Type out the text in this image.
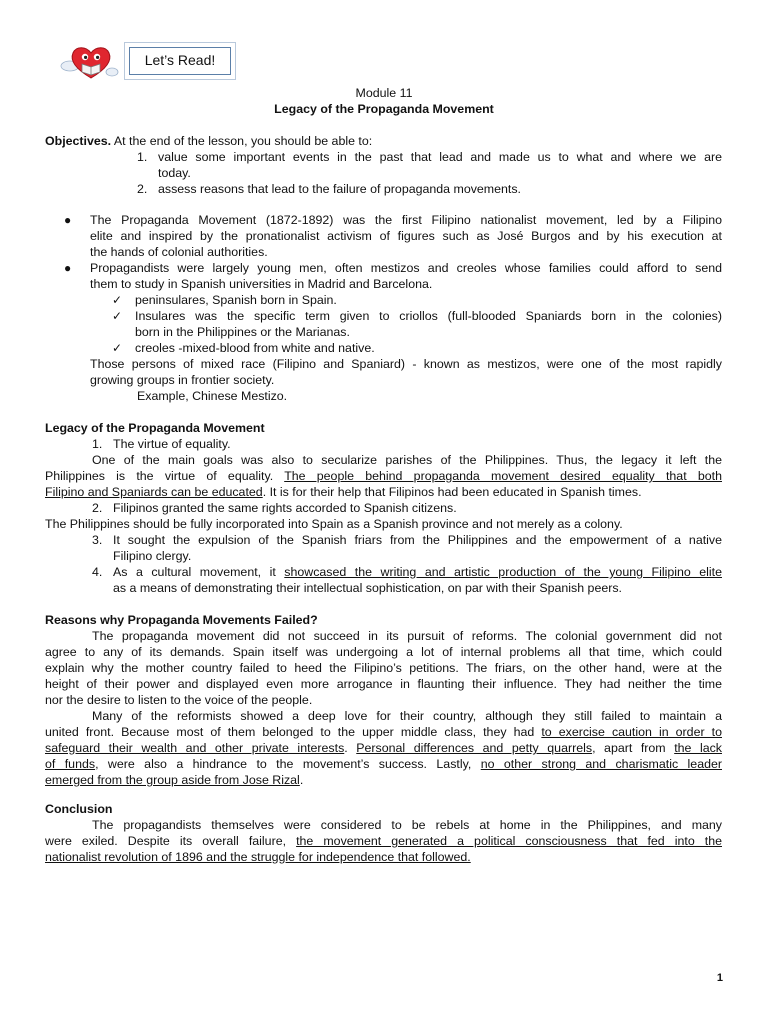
Let’s Read!
Module 11
Legacy of the Propaganda Movement
Objectives. At the end of the lesson, you should be able to:
1. value some important events in the past that lead and made us to what and where we are
today.
2. assess reasons that lead to the failure of propaganda movements.
● The Propaganda Movement (1872-1892) was the first Filipino nationalist movement, led by a Filipino
elite and inspired by the pronationalist activism of figures such as José Burgos and by his execution at
the hands of colonial authorities.
● Propagandists were largely young men, often mestizos and creoles whose families could afford to send
them to study in Spanish universities in Madrid and Barcelona.
✓ peninsulares, Spanish born in Spain.
✓ Insulares was the specific term given to criollos (full-blooded Spaniards born in the colonies)
born in the Philippines or the Marianas.
✓ creoles -mixed-blood from white and native.
Those persons of mixed race (Filipino and Spaniard) - known as mestizos, were one of the most rapidly
growing groups in frontier society.
Example, Chinese Mestizo.
Legacy of the Propaganda Movement
1. The virtue of equality.
One of the main goals was also to secularize parishes of the Philippines. Thus, the legacy it left the
Philippines is the virtue of equality. The people behind propaganda movement desired equality that both
Filipino and Spaniards can be educated. It is for their help that Filipinos had been educated in Spanish times.
2. Filipinos granted the same rights accorded to Spanish citizens.
The Philippines should be fully incorporated into Spain as a Spanish province and not merely as a colony.
3. It sought the expulsion of the Spanish friars from the Philippines and the empowerment of a native
Filipino clergy.
4. As a cultural movement, it showcased the writing and artistic production of the young Filipino elite
as a means of demonstrating their intellectual sophistication, on par with their Spanish peers.
Reasons why Propaganda Movements Failed?
The propaganda movement did not succeed in its pursuit of reforms. The colonial government did not
agree to any of its demands. Spain itself was undergoing a lot of internal problems all that time, which could
explain why the mother country failed to heed the Filipino’s petitions. The friars, on the other hand, were at the
height of their power and displayed even more arrogance in flaunting their influence. They had neither the time
nor the desire to listen to the voice of the people.
Many of the reformists showed a deep love for their country, although they still failed to maintain a
united front. Because most of them belonged to the upper middle class, they had to exercise caution in order to
safeguard their wealth and other private interests. Personal differences and petty quarrels, apart from the lack
of funds, were also a hindrance to the movement’s success. Lastly, no other strong and charismatic leader
emerged from the group aside from Jose Rizal.
Conclusion
The propagandists themselves were considered to be rebels at home in the Philippines, and many
were exiled. Despite its overall failure, the movement generated a political consciousness that fed into the
nationalist revolution of 1896 and the struggle for independence that followed.
1
